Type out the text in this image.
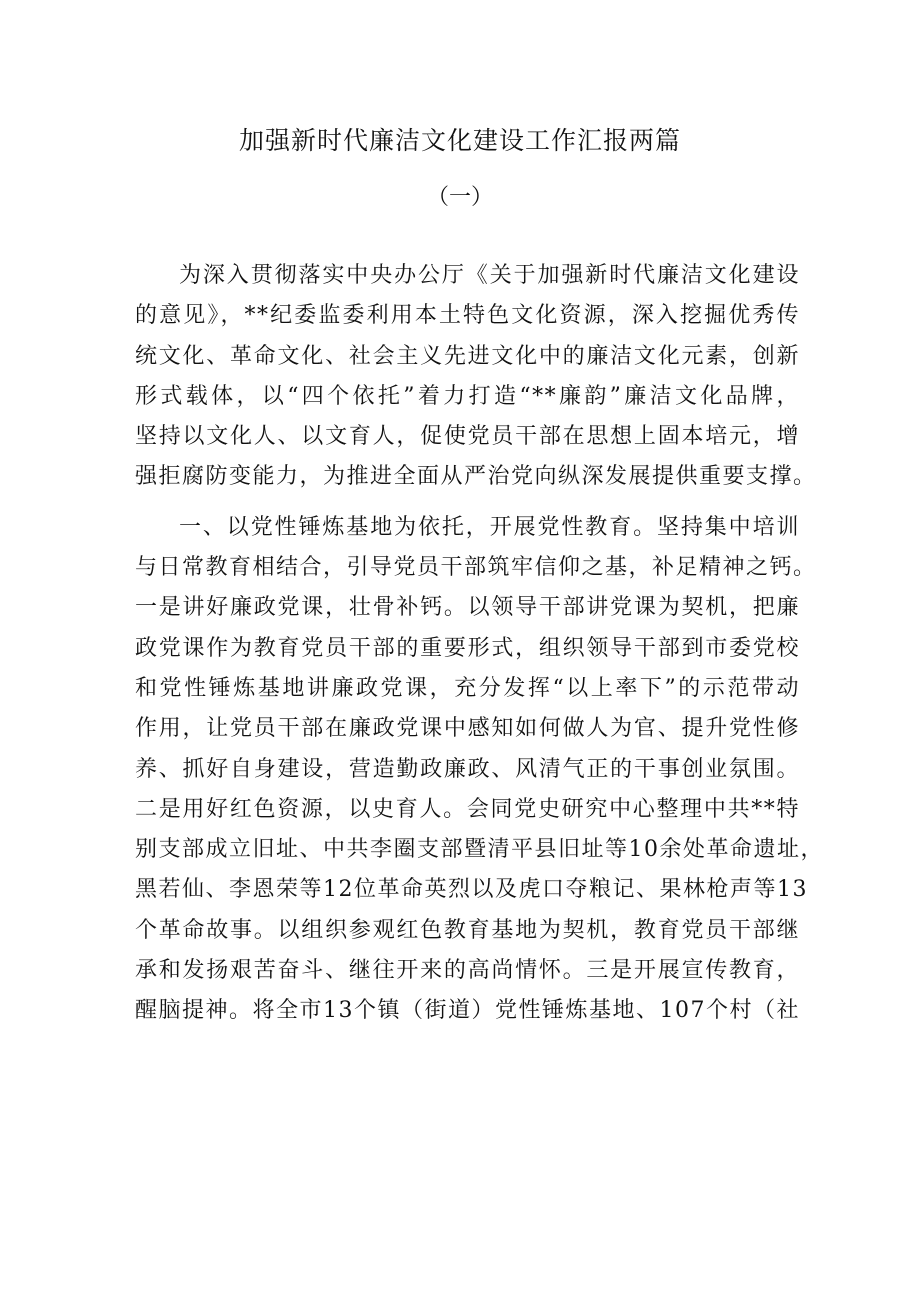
加强新时代廉洁文化建设工作汇报两篇
（一）
为深入贯彻落实中央办公厅《关于加强新时代廉洁文化建设
的意见》，**纪委监委利用本土特色文化资源，深入挖掘优秀传
统文化、革命文化、社会主义先进文化中的廉洁文化元素，创新
形式载体，以“四个依托”着力打造“**廉韵”廉洁文化品牌，
坚持以文化人、以文育人，促使党员干部在思想上固本培元，增
强拒腐防变能力，为推进全面从严治党向纵深发展提供重要支撑。
一、以党性锤炼基地为依托，开展党性教育。坚持集中培训
与日常教育相结合，引导党员干部筑牢信仰之基，补足精神之钙。
一是讲好廉政党课，壮骨补钙。以领导干部讲党课为契机，把廉
政党课作为教育党员干部的重要形式，组织领导干部到市委党校
和党性锤炼基地讲廉政党课，充分发挥“以上率下”的示范带动
作用，让党员干部在廉政党课中感知如何做人为官、提升党性修
养、抓好自身建设，营造勤政廉政、风清气正的干事创业氛围。
二是用好红色资源，以史育人。会同党史研究中心整理中共**特
别支部成立旧址、中共李圈支部暨清平县旧址等10余处革命遗址，
黑若仙、李恩荣等12位革命英烈以及虎口夺粮记、果林枪声等13
个革命故事。以组织参观红色教育基地为契机，教育党员干部继
承和发扬艰苦奋斗、继往开来的高尚情怀。三是开展宣传教育，
醒脑提神。将全市13个镇（街道）党性锤炼基地、107个村（社
